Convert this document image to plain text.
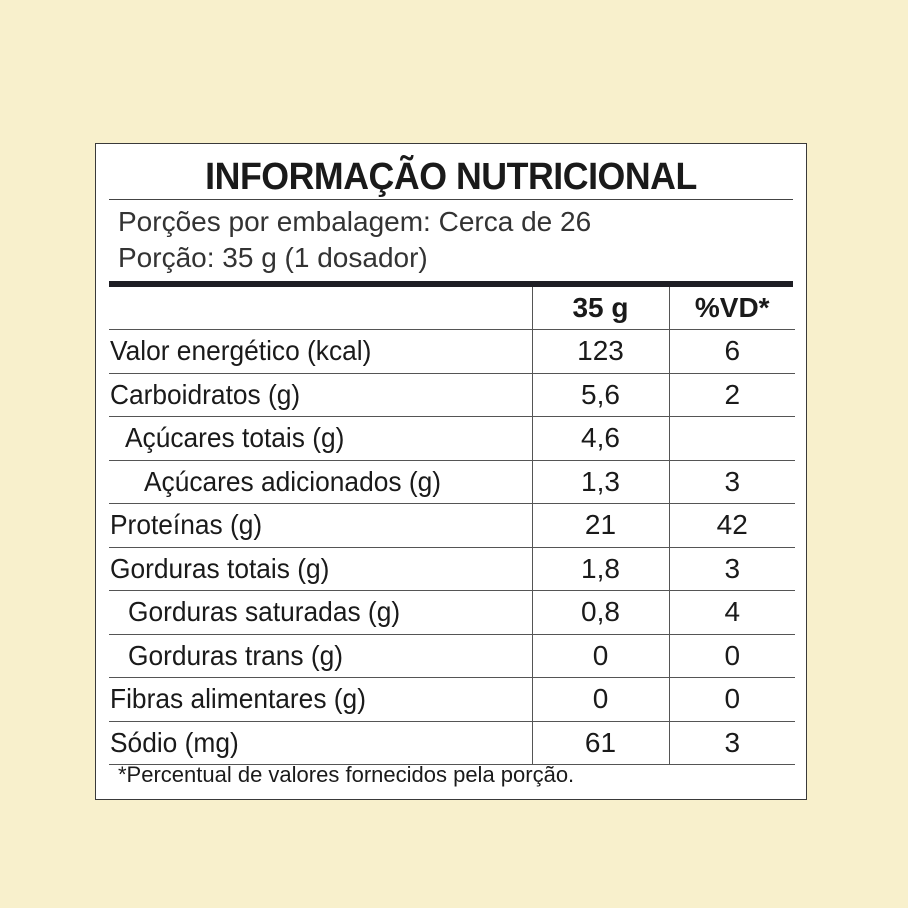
INFORMAÇÃO NUTRICIONAL
Porções por embalagem: Cerca de 26
Porção: 35 g (1 dosador)
	35 g	%VD*
Valor energético (kcal)	123	6
Carboidratos (g)	5,6	2
Açúcares totais (g)	4,6	
Açúcares adicionados (g)	1,3	3
Proteínas (g)	21	42
Gorduras totais (g)	1,8	3
Gorduras saturadas (g)	0,8	4
Gorduras trans (g)	0	0
Fibras alimentares (g)	0	0
Sódio (mg)	61	3
*Percentual de valores fornecidos pela porção.
